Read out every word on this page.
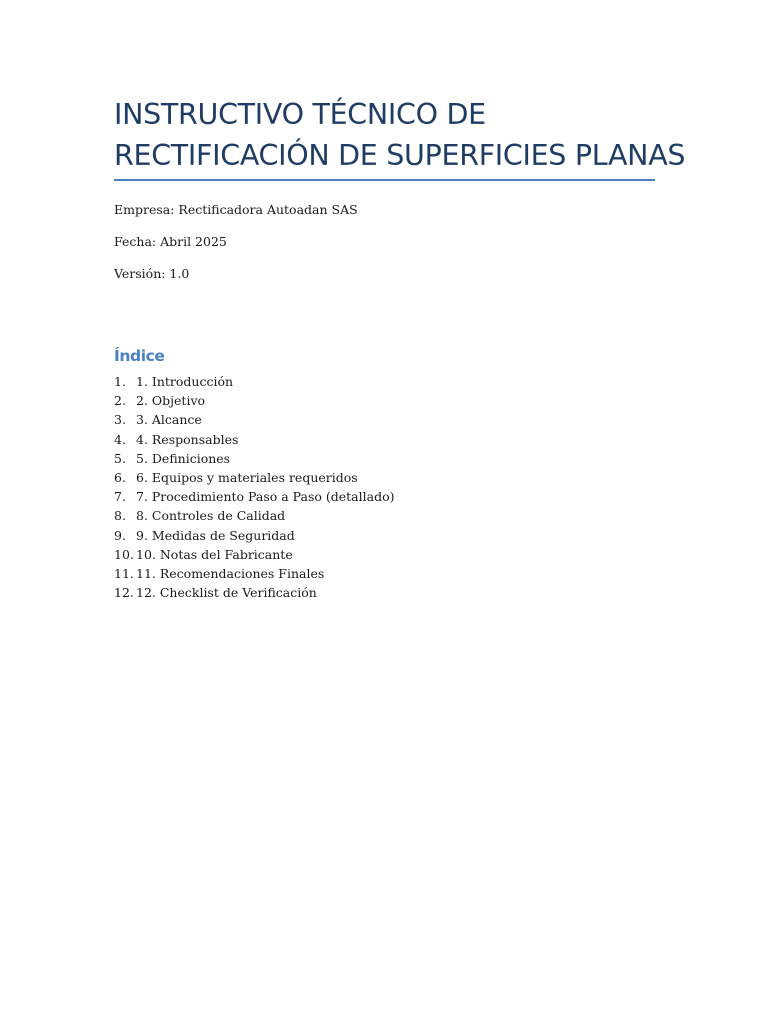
INSTRUCTIVO TÉCNICO DE
RECTIFICACIÓN DE SUPERFICIES PLANAS
Empresa: Rectificadora Autoadan SAS
Fecha: Abril 2025
Versión: 1.0
Índice
1. 1. Introducción
2. 2. Objetivo
3. 3. Alcance
4. 4. Responsables
5. 5. Definiciones
6. 6. Equipos y materiales requeridos
7. 7. Procedimiento Paso a Paso (detallado)
8. 8. Controles de Calidad
9. 9. Medidas de Seguridad
10. 10. Notas del Fabricante
11. 11. Recomendaciones Finales
12. 12. Checklist de Verificación
